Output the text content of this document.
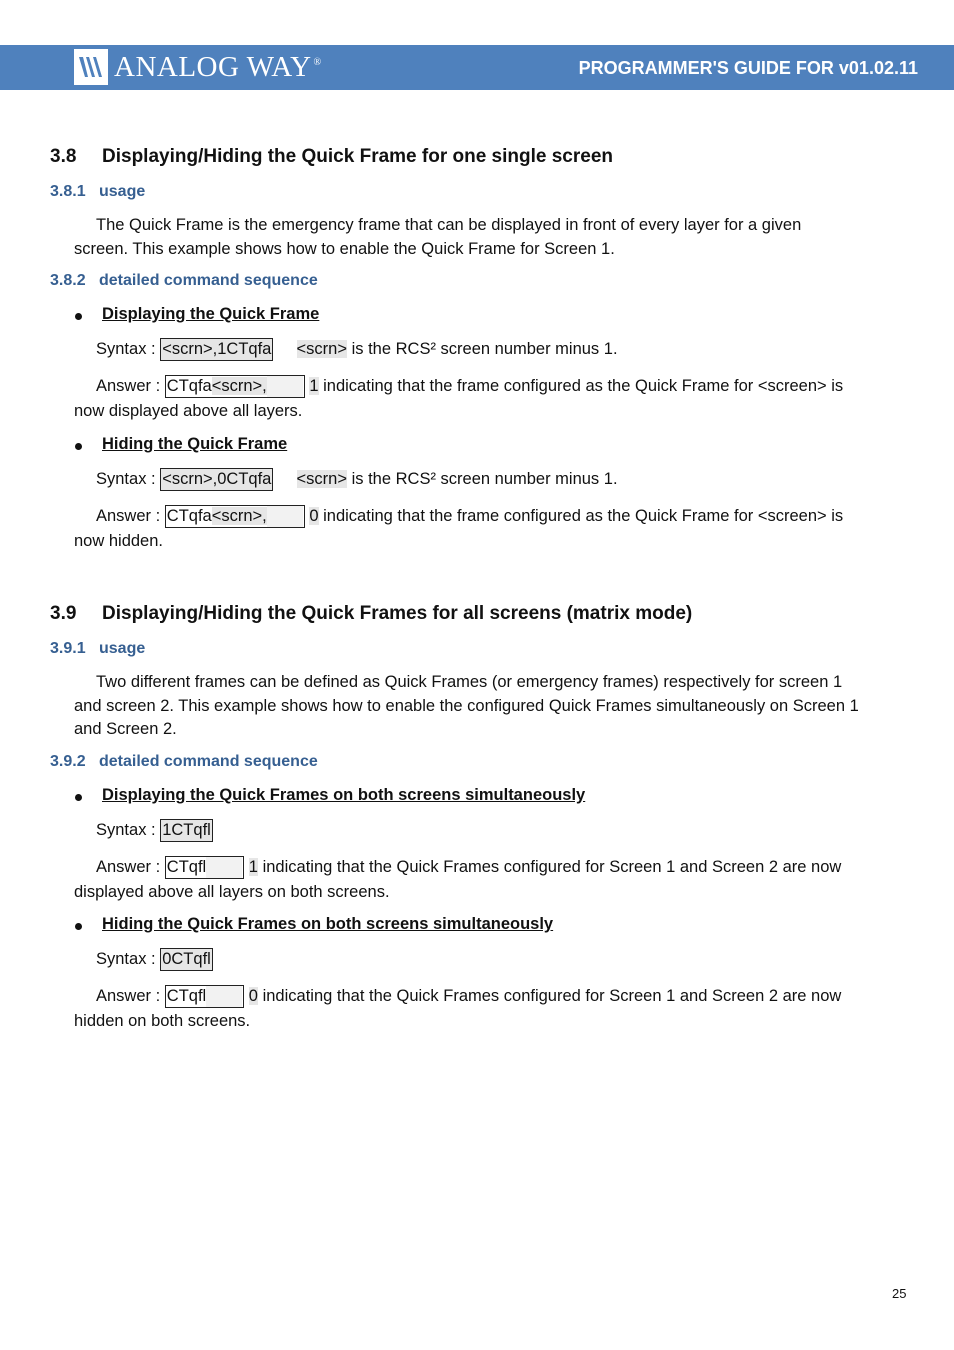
ANALOG WAY ®	PROGRAMMER'S GUIDE FOR v01.02.11
3.8 Displaying/Hiding the Quick Frame for one single screen
3.8.1 usage
The Quick Frame is the emergency frame that can be displayed in front of every layer for a given
screen. This example shows how to enable the Quick Frame for Screen 1.
3.8.2 detailed command sequence
Displaying the Quick Frame
Syntax : <scrn>,1CTqfa <scrn> is the RCS² screen number minus 1.
Answer : CTqfa<scrn>,	1 indicating that the frame configured as the Quick Frame for <screen> is
now displayed above all layers.
Hiding the Quick Frame
Syntax : <scrn>,0CTqfa <scrn> is the RCS² screen number minus 1.
Answer : CTqfa<scrn>,	0 indicating that the frame configured as the Quick Frame for <screen> is
now hidden.
3.9 Displaying/Hiding the Quick Frames for all screens (matrix mode)
3.9.1 usage
Two different frames can be defined as Quick Frames (or emergency frames) respectively for screen 1
and screen 2. This example shows how to enable the configured Quick Frames simultaneously on Screen 1
and Screen 2.
3.9.2 detailed command sequence
Displaying the Quick Frames on both screens simultaneously
Syntax : 1CTqfl
Answer : CTqfl	1 indicating that the Quick Frames configured for Screen 1 and Screen 2 are now
displayed above all layers on both screens.
Hiding the Quick Frames on both screens simultaneously
Syntax : 0CTqfl
Answer : CTqfl	0 indicating that the Quick Frames configured for Screen 1 and Screen 2 are now
hidden on both screens.
25
